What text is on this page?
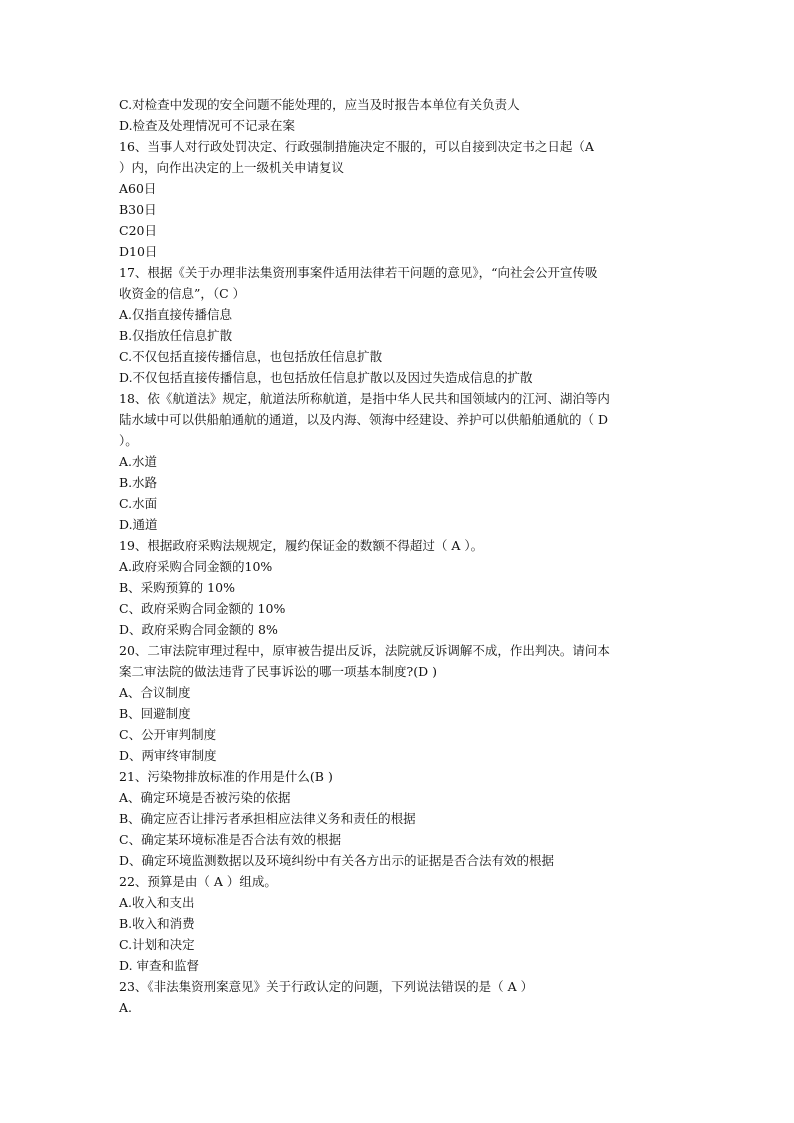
C.对检查中发现的安全问题不能处理的，应当及时报告本单位有关负责人
D.检查及处理情况可不记录在案
16、当事人对行政处罚决定、行政强制措施决定不服的，可以自接到决定书之日起（A
）内，向作出决定的上一级机关申请复议
A60日
B30日
C20日
D10日
17、根据《关于办理非法集资刑事案件适用法律若干问题的意见》，“向社会公开宣传吸
收资金的信息”，（C ）
A.仅指直接传播信息
B.仅指放任信息扩散
C.不仅包括直接传播信息，也包括放任信息扩散
D.不仅包括直接传播信息，也包括放任信息扩散以及因过失造成信息的扩散
18、依《航道法》规定，航道法所称航道，是指中华人民共和国领域内的江河、湖泊等内
陆水域中可以供船舶通航的通道，以及内海、领海中经建设、养护可以供船舶通航的（ D
）。
A.水道
B.水路
C.水面
D.通道
19、根据政府采购法规规定，履约保证金的数额不得超过（ A ）。
A.政府采购合同金额的10%
B、采购预算的 10%
C、政府采购合同金额的 10%
D、政府采购合同金额的 8%
20、二审法院审理过程中，原审被告提出反诉，法院就反诉调解不成，作出判决。请问本
案二审法院的做法违背了民事诉讼的哪一项基本制度?(D )
A、合议制度
B、回避制度
C、公开审判制度
D、两审终审制度
21、污染物排放标准的作用是什么(B )
A、确定环境是否被污染的依据
B、确定应否让排污者承担相应法律义务和责任的根据
C、确定某环境标准是否合法有效的根据
D、确定环境监测数据以及环境纠纷中有关各方出示的证据是否合法有效的根据
22、预算是由（ A ）组成。
A.收入和支出
B.收入和消费
C.计划和决定
D. 审查和监督
23、《非法集资刑案意见》关于行政认定的问题，下列说法错误的是（ A ）
A.
